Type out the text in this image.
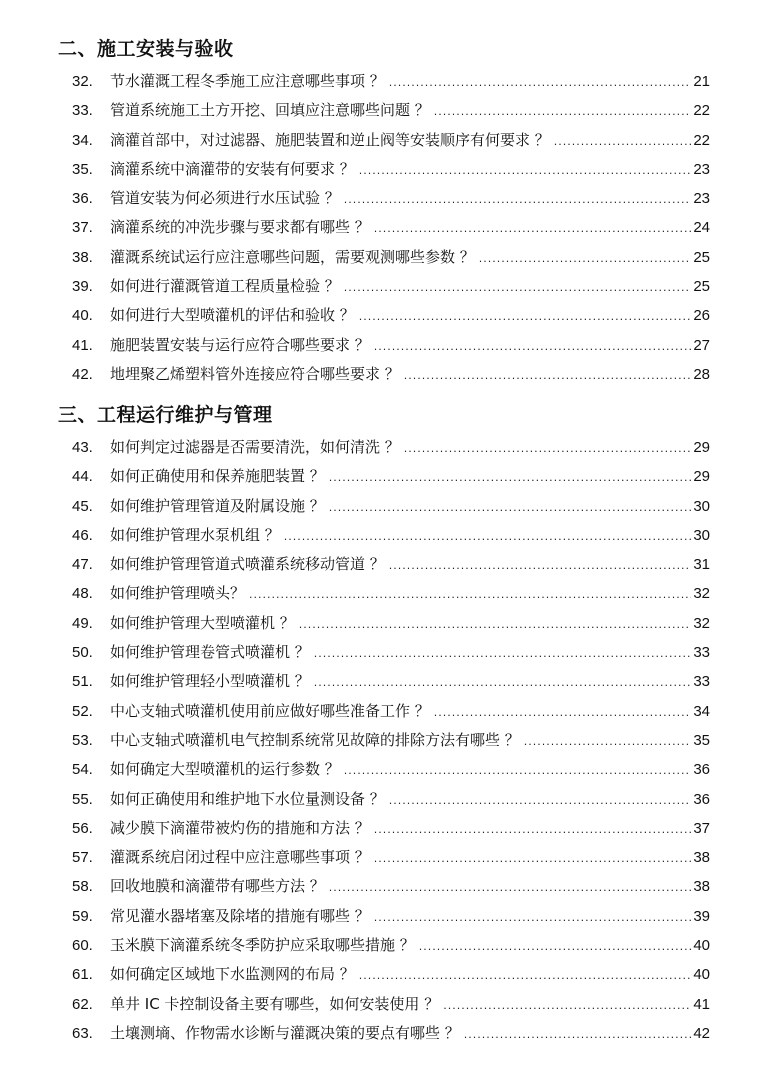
二、施工安装与验收
32.	节水灌溉工程冬季施工应注意哪些事项 ？ .....	21
33.	管道系统施工土方开挖、回填应注意哪些问题 ？ .....	22
34.	滴灌首部中，对过滤器、施肥装置和逆止阀等安装顺序有何要求 ？ .....	22
35.	滴灌系统中滴灌带的安装有何要求 ？ .....	23
36.	管道安装为何必须进行水压试验 ？ .....	23
37.	滴灌系统的冲洗步骤与要求都有哪些 ？ .....	24
38.	灌溉系统试运行应注意哪些问题，需要观测哪些参数 ？ .....	25
39.	如何进行灌溉管道工程质量检验 ？ .....	25
40.	如何进行大型喷灌机的评估和验收 ？ .....	26
41.	施肥装置安装与运行应符合哪些要求 ？ .....	27
42.	地埋聚乙烯塑料管外连接应符合哪些要求 ？ .....	28
三、工程运行维护与管理
43.	如何判定过滤器是否需要清洗，如何清洗 ？ .....	29
44.	如何正确使用和保养施肥装置 ？ .....	29
45.	如何维护管理管道及附属设施 ？ .....	30
46.	如何维护管理水泵机组 ？ .....	30
47.	如何维护管理管道式喷灌系统移动管道 ？ .....	31
48.	如何维护管理喷头？ .....	32
49.	如何维护管理大型喷灌机 ？ .....	32
50.	如何维护管理卷管式喷灌机 ？ .....	33
51.	如何维护管理轻小型喷灌机 ？ .....	33
52.	中心支轴式喷灌机使用前应做好哪些准备工作 ？ .....	34
53.	中心支轴式喷灌机电气控制系统常见故障的排除方法有哪些 ？ .....	35
54.	如何确定大型喷灌机的运行参数 ？ .....	36
55.	如何正确使用和维护地下水位量测设备 ？ .....	36
56.	减少膜下滴灌带被灼伤的措施和方法 ？ .....	37
57.	灌溉系统启闭过程中应注意哪些事项 ？ .....	38
58.	回收地膜和滴灌带有哪些方法 ？ .....	38
59.	常见灌水器堵塞及除堵的措施有哪些 ？ .....	39
60.	玉米膜下滴灌系统冬季防护应采取哪些措施 ？ .....	40
61.	如何确定区域地下水监测网的布局 ？ .....	40
62.	单井 IC 卡控制设备主要有哪些，如何安装使用 ？ .....	41
63.	土壤测墒、作物需水诊断与灌溉决策的要点有哪些 ？ .....	42
